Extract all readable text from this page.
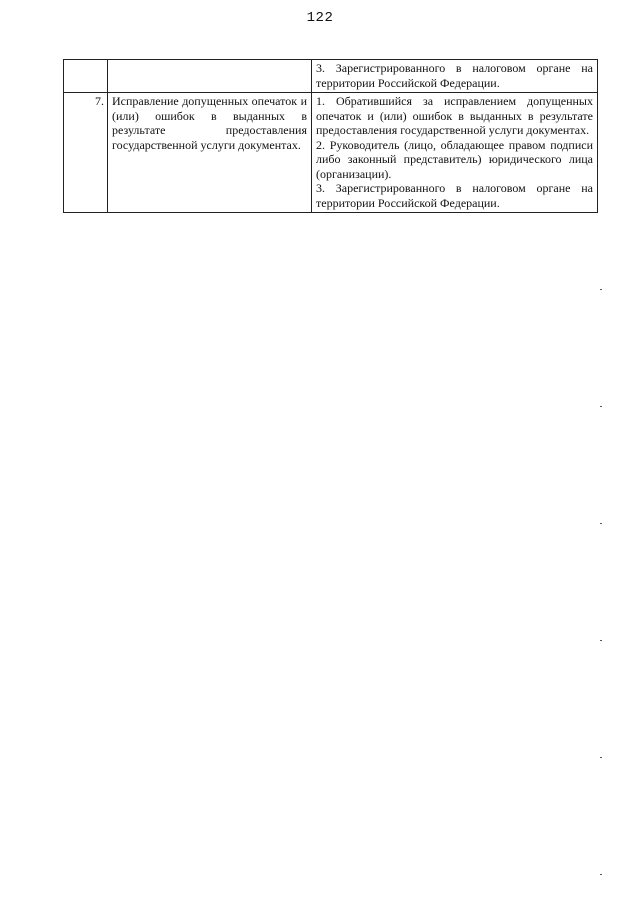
122

		3. Зарегистрированного в налоговом органе на территории Российской Федерации.

7.	Исправление допущенных опечаток и (или) ошибок в выданных в результате предоставления государственной услуги документах.	1. Обратившийся за исправлением допущенных опечаток и (или) ошибок в выданных в результате предоставления государственной услуги документах.
2. Руководитель (лицо, обладающее правом подписи либо законный представитель) юридического лица (организации).
3. Зарегистрированного в налоговом органе на территории Российской Федерации.
